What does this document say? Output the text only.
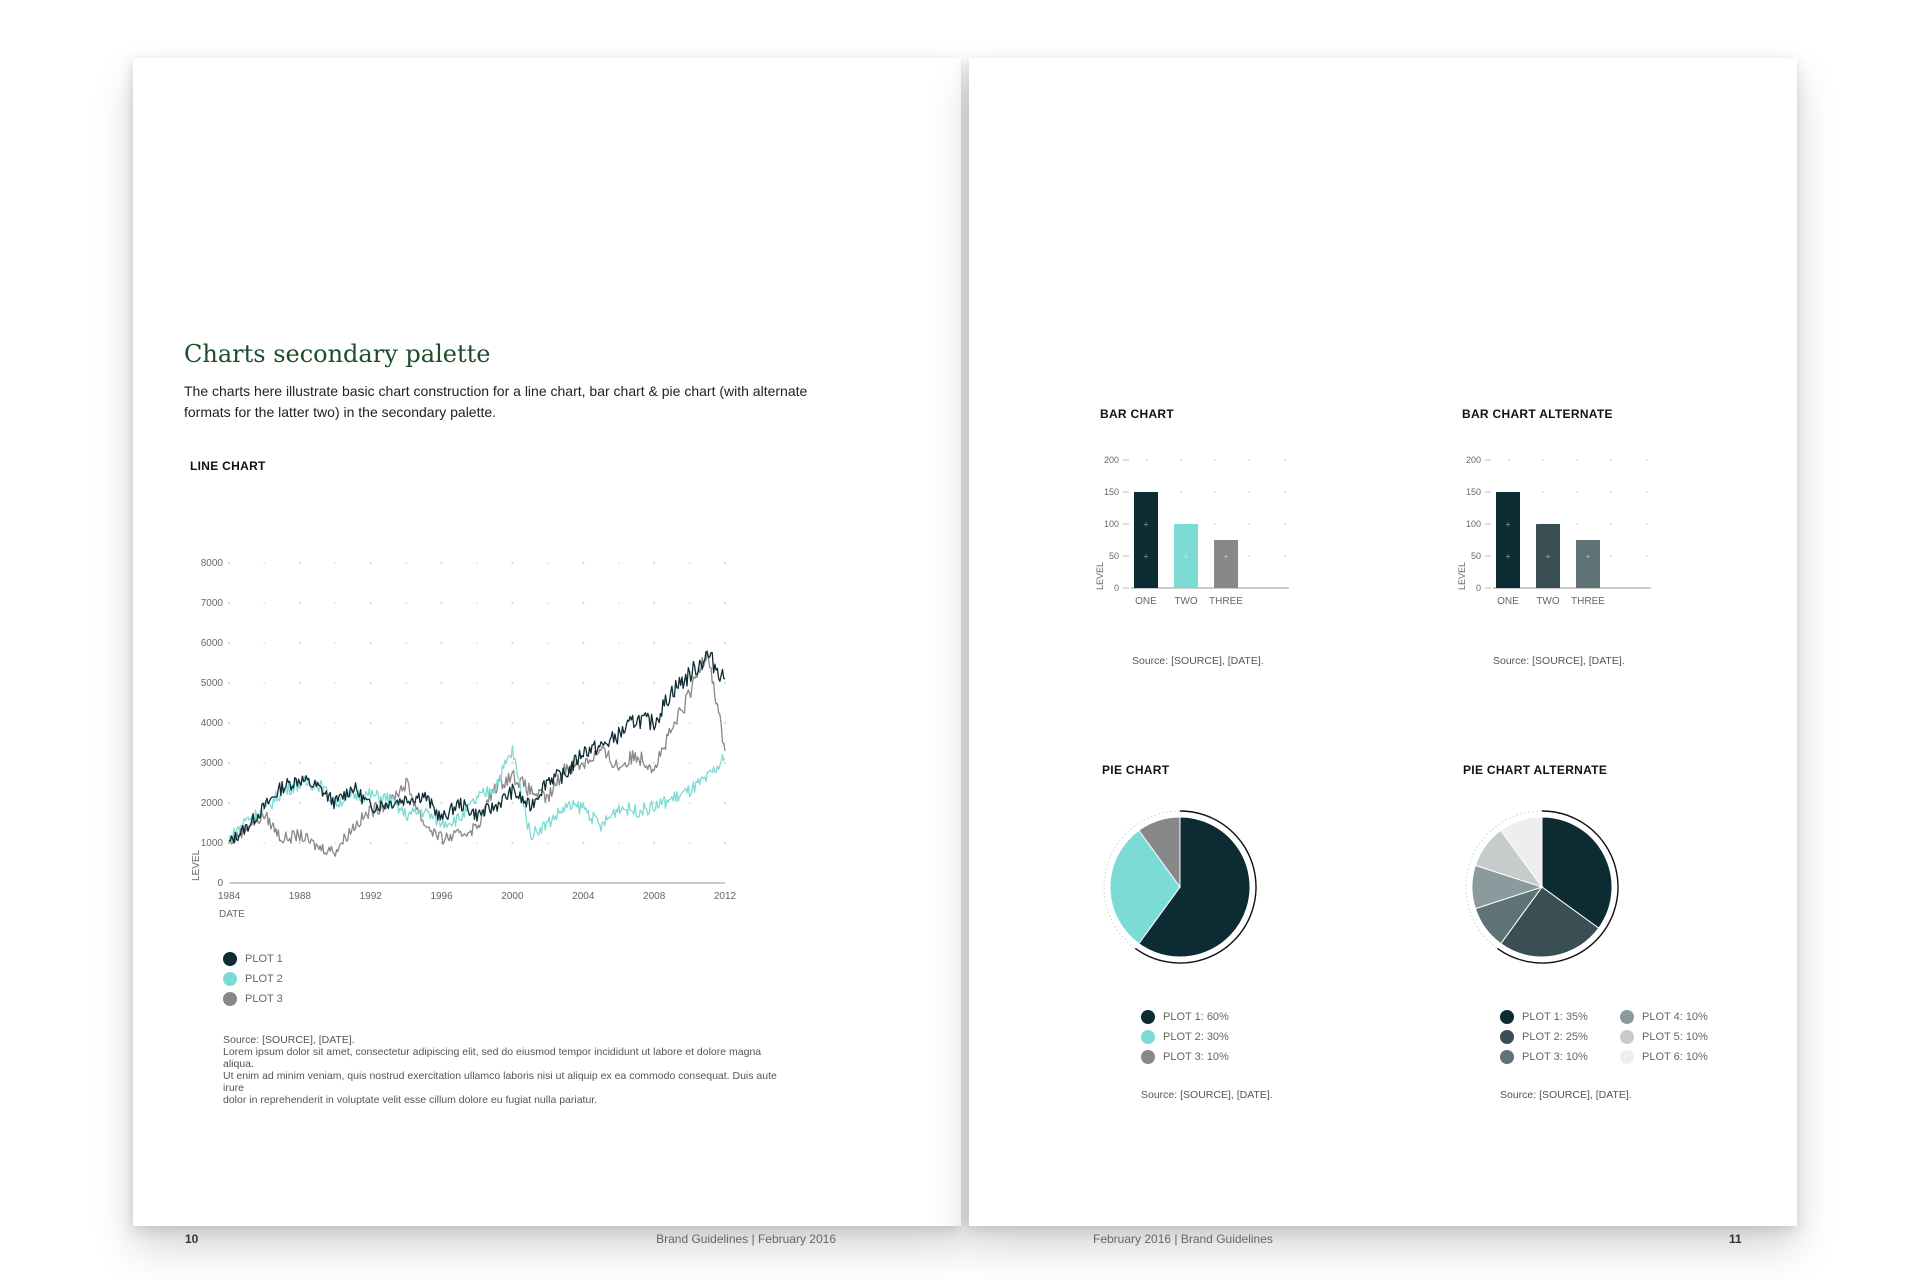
Charts secondary palette
The charts here illustrate basic chart construction for a line chart, bar chart & pie chart (with alternate formats for the latter two) in the secondary palette.
LINE CHART
0
1000
2000
3000
4000
5000
6000
7000
8000
1984	1988	1992	1996	2000	2004	2008	2012
DATE
LEVEL
PLOT 1
PLOT 2
PLOT 3
Source: [SOURCE], [DATE].
Lorem ipsum dolor sit amet, consectetur adipiscing elit, sed do eiusmod tempor incididunt ut labore et dolore magna aliqua.
Ut enim ad minim veniam, quis nostrud exercitation ullamco laboris nisi ut aliquip ex ea commodo consequat. Duis aute irure
dolor in reprehenderit in voluptate velit esse cillum dolore eu fugiat nulla pariatur.
10	Brand Guidelines | February 2016
BAR CHART	BAR CHART ALTERNATE
0
50
100
150
200
+
+
ONE
+
TWO
+
THREE
LEVEL	0
50
100
150
200
+
+
ONE
+
TWO
+
THREE
LEVEL
Source: [SOURCE], [DATE].	Source: [SOURCE], [DATE].
PIE CHART	PIE CHART ALTERNATE
PLOT 1: 60%
PLOT 2: 30%
PLOT 3: 10%
PLOT 1: 35%
PLOT 2: 25%
PLOT 3: 10%
PLOT 4: 10%
PLOT 5: 10%
PLOT 6: 10%
Source: [SOURCE], [DATE].	Source: [SOURCE], [DATE].
February 2016 | Brand Guidelines	11
